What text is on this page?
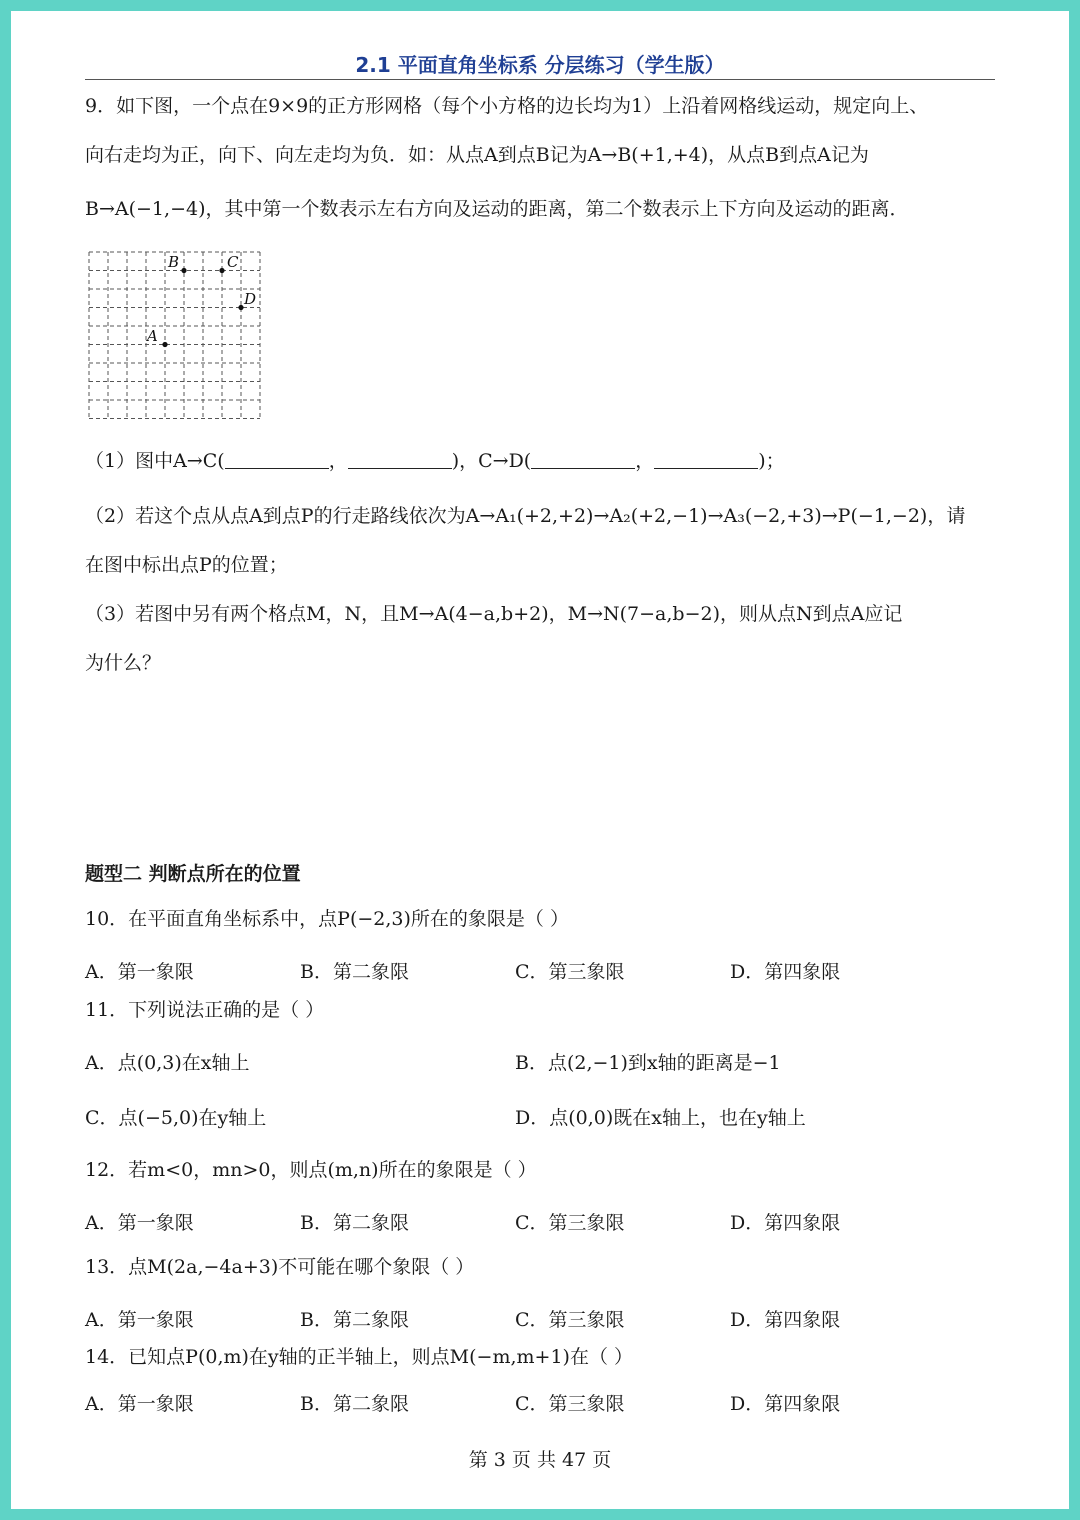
2.1 平面直角坐标系 分层练习（学生版）
9．如下图，一个点在9×9的正方形网格（每个小方格的边长均为1）上沿着网格线运动，规定向上、
向右走均为正，向下、向左走均为负．如：从点A到点B记为A→B(+1,+4)，从点B到点A记为
B→A(−1,−4)，其中第一个数表示左右方向及运动的距离，第二个数表示上下方向及运动的距离．
B	C
D
A
（1）图中A→C(	，	)，C→D(	，	)；
（2）若这个点从点A到点P的行走路线依次为A→A₁(+2,+2)→A₂(+2,−1)→A₃(−2,+3)→P(−1,−2)，请
在图中标出点P的位置；
（3）若图中另有两个格点M，N，且M→A(4−a,b+2)，M→N(7−a,b−2)，则从点N到点A应记
为什么？
题型二 判断点所在的位置
10．在平面直角坐标系中，点P(−2,3)所在的象限是（ ）
A．第一象限	B．第二象限	C．第三象限	D．第四象限
11．下列说法正确的是（ ）
A．点(0,3)在x轴上	B．点(2,−1)到x轴的距离是−1
C．点(−5,0)在y轴上	D．点(0,0)既在x轴上，也在y轴上
12．若m<0，mn>0，则点(m,n)所在的象限是（ ）
A．第一象限	B．第二象限	C．第三象限	D．第四象限
13．点M(2a,−4a+3)不可能在哪个象限（ ）
A．第一象限	B．第二象限	C．第三象限	D．第四象限
14．已知点P(0,m)在y轴的正半轴上，则点M(−m,m+1)在（ ）
A．第一象限	B．第二象限	C．第三象限	D．第四象限
第 3 页 共 47 页
